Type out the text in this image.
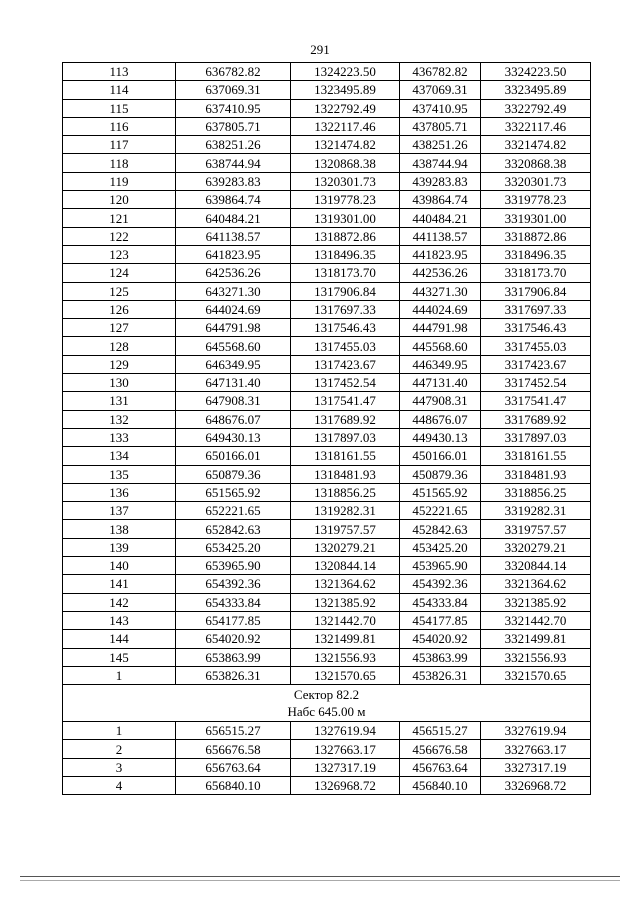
291
113	636782.82	1324223.50	436782.82	3324223.50
114	637069.31	1323495.89	437069.31	3323495.89
115	637410.95	1322792.49	437410.95	3322792.49
116	637805.71	1322117.46	437805.71	3322117.46
117	638251.26	1321474.82	438251.26	3321474.82
118	638744.94	1320868.38	438744.94	3320868.38
119	639283.83	1320301.73	439283.83	3320301.73
120	639864.74	1319778.23	439864.74	3319778.23
121	640484.21	1319301.00	440484.21	3319301.00
122	641138.57	1318872.86	441138.57	3318872.86
123	641823.95	1318496.35	441823.95	3318496.35
124	642536.26	1318173.70	442536.26	3318173.70
125	643271.30	1317906.84	443271.30	3317906.84
126	644024.69	1317697.33	444024.69	3317697.33
127	644791.98	1317546.43	444791.98	3317546.43
128	645568.60	1317455.03	445568.60	3317455.03
129	646349.95	1317423.67	446349.95	3317423.67
130	647131.40	1317452.54	447131.40	3317452.54
131	647908.31	1317541.47	447908.31	3317541.47
132	648676.07	1317689.92	448676.07	3317689.92
133	649430.13	1317897.03	449430.13	3317897.03
134	650166.01	1318161.55	450166.01	3318161.55
135	650879.36	1318481.93	450879.36	3318481.93
136	651565.92	1318856.25	451565.92	3318856.25
137	652221.65	1319282.31	452221.65	3319282.31
138	652842.63	1319757.57	452842.63	3319757.57
139	653425.20	1320279.21	453425.20	3320279.21
140	653965.90	1320844.14	453965.90	3320844.14
141	654392.36	1321364.62	454392.36	3321364.62
142	654333.84	1321385.92	454333.84	3321385.92
143	654177.85	1321442.70	454177.85	3321442.70
144	654020.92	1321499.81	454020.92	3321499.81
145	653863.99	1321556.93	453863.99	3321556.93
1	653826.31	1321570.65	453826.31	3321570.65

Сектор 82.2
Набс 645.00 м				

1	656515.27	1327619.94	456515.27	3327619.94
2	656676.58	1327663.17	456676.58	3327663.17
3	656763.64	1327317.19	456763.64	3327317.19
4	656840.10	1326968.72	456840.10	3326968.72
